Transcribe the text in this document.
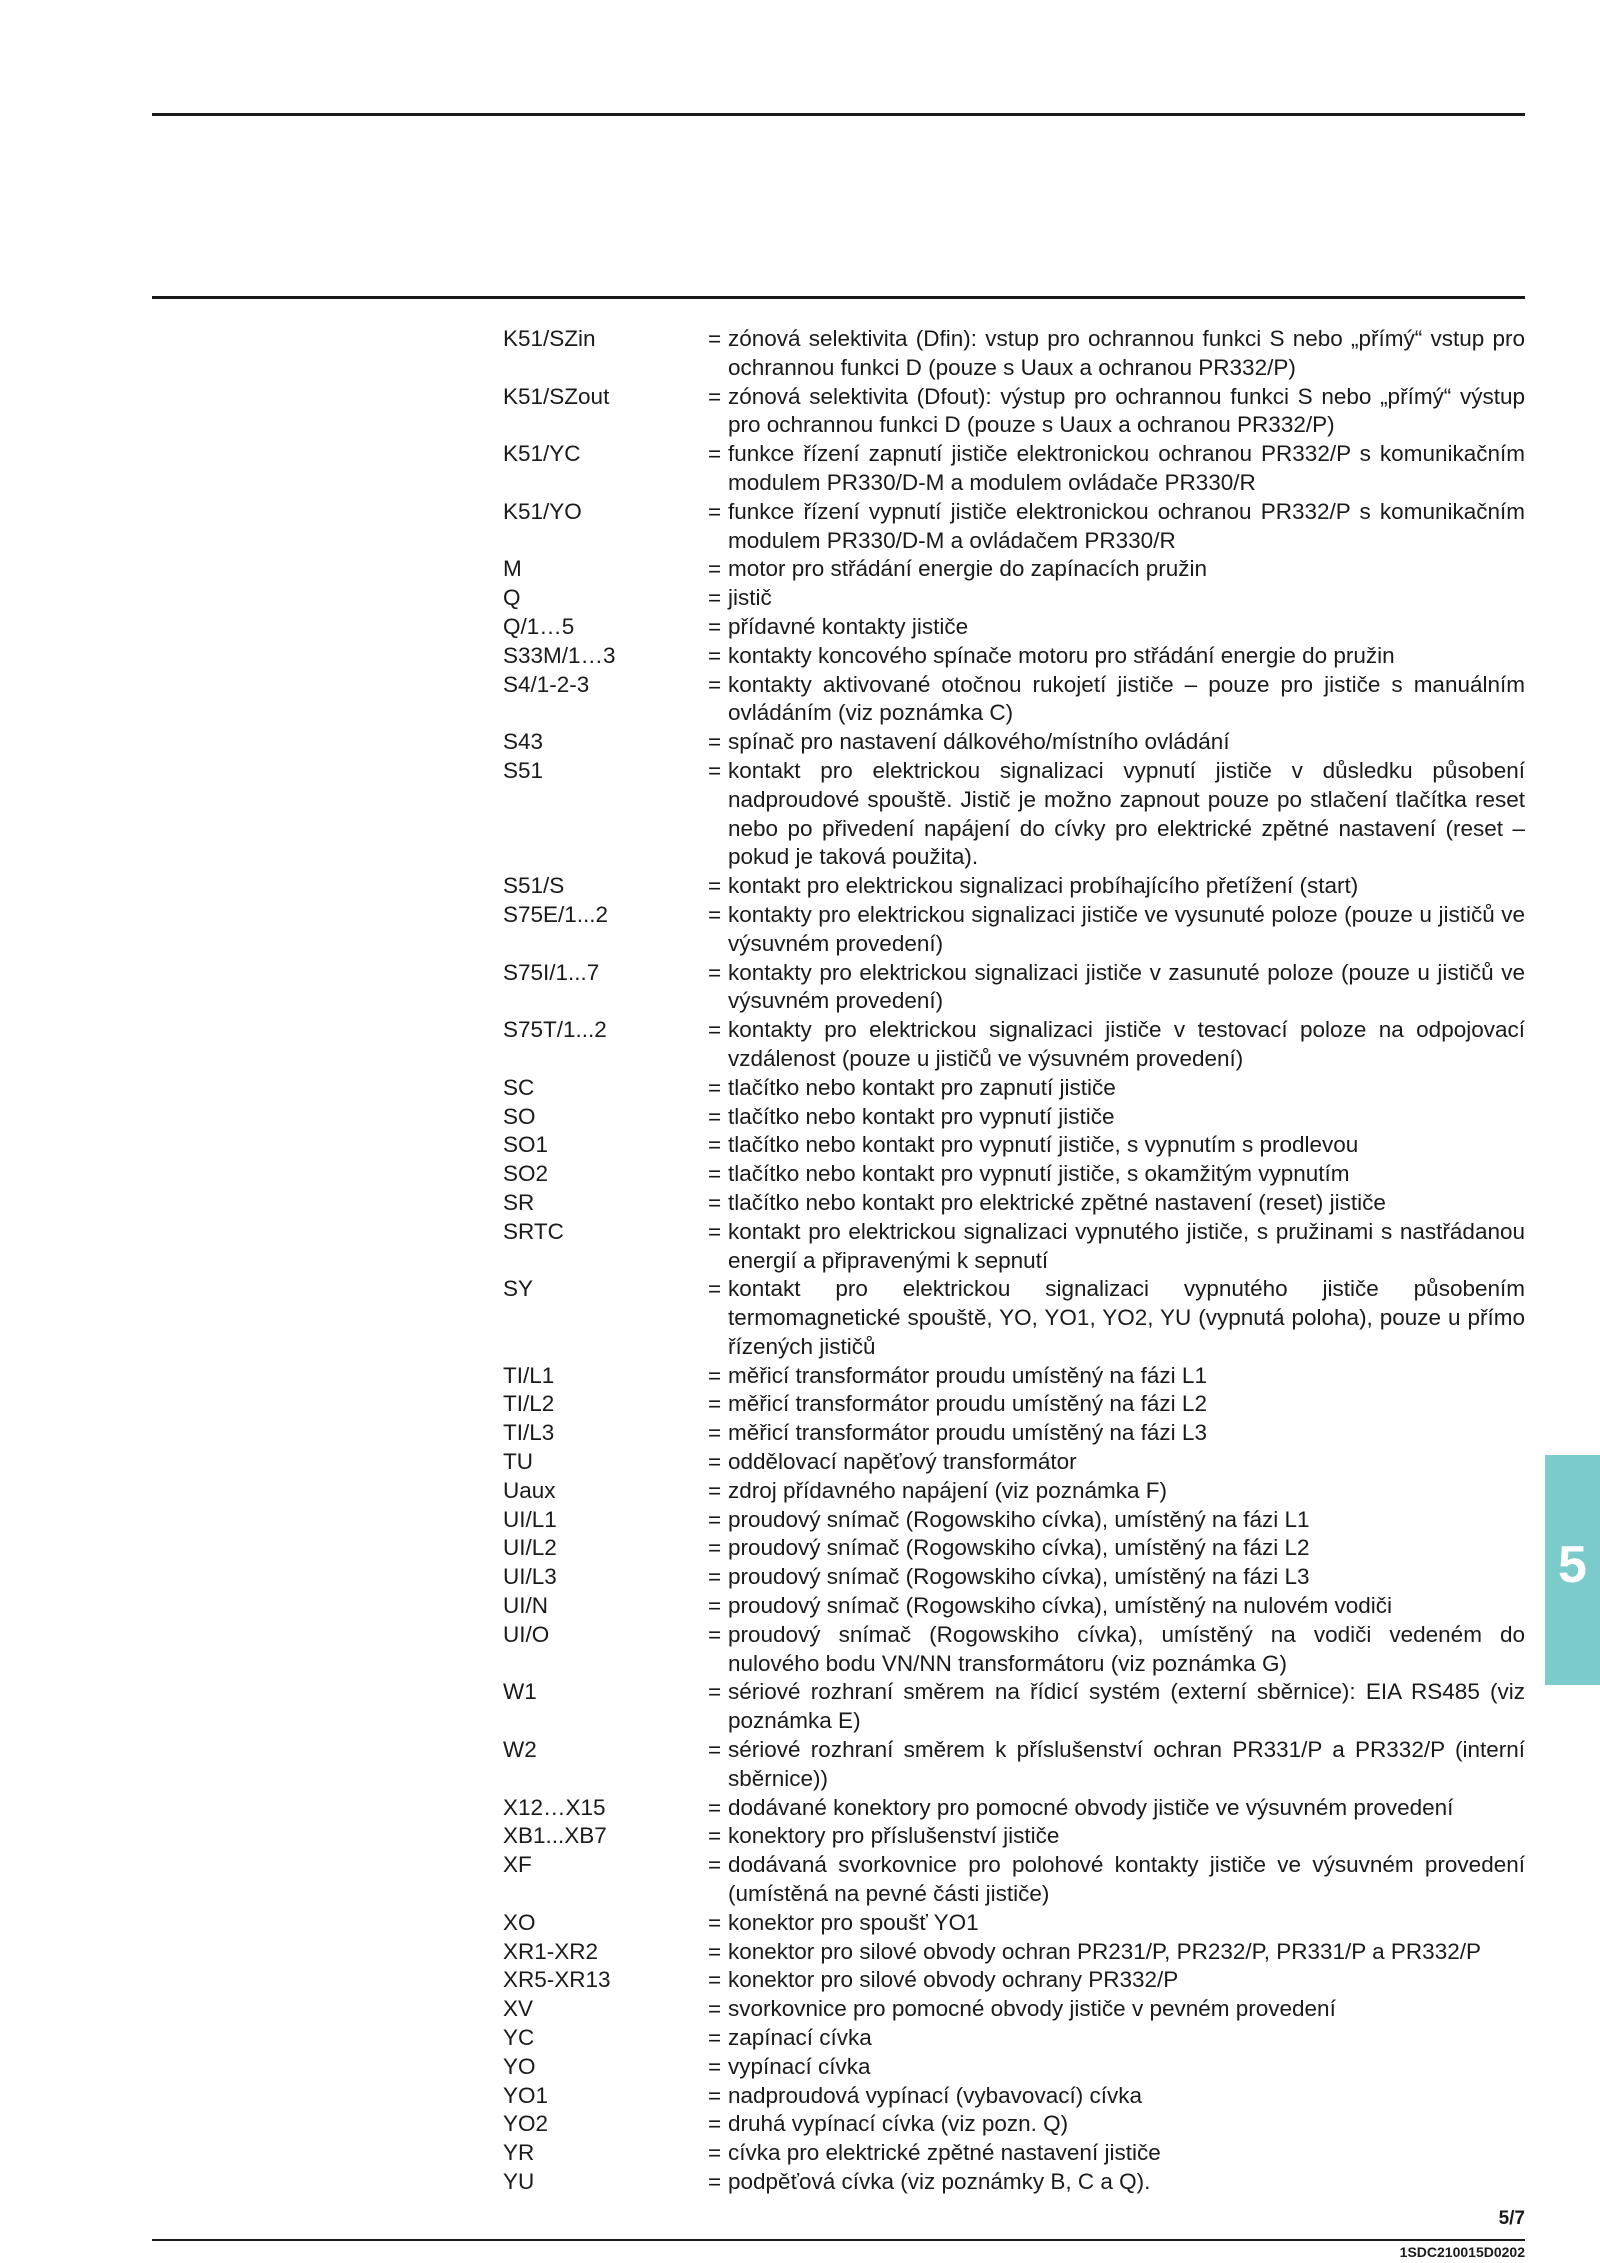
K51/SZin	= zónová selektivita (Dfin): vstup pro ochrannou funkci S nebo „přímý“ vstup pro ochrannou funkci D (pouze s Uaux a ochranou PR332/P)
K51/SZout	= zónová selektivita (Dfout): výstup pro ochrannou funkci S nebo „přímý“ výstup pro ochrannou funkci D (pouze s Uaux a ochranou PR332/P)
K51/YC	= funkce řízení zapnutí jističe elektronickou ochranou PR332/P s komunikačním modulem PR330/D-M a modulem ovládače PR330/R
K51/YO	= funkce řízení vypnutí jističe elektronickou ochranou PR332/P s komunikačním modulem PR330/D-M a ovládačem PR330/R
M	= motor pro střádání energie do zapínacích pružin
Q	= jistič
Q/1…5	= přídavné kontakty jističe
S33M/1…3	= kontakty koncového spínače motoru pro střádání energie do pružin
S4/1-2-3	= kontakty aktivované otočnou rukojetí jističe – pouze pro jističe s manuálním ovládáním (viz poznámka C)
S43	= spínač pro nastavení dálkového/místního ovládání
S51	= kontakt pro elektrickou signalizaci vypnutí jističe v důsledku působení nadproudové spouště. Jistič je možno zapnout pouze po stlačení tlačítka reset nebo po přivedení napájení do cívky pro elektrické zpětné nastavení (reset – pokud je taková použita).
S51/S	= kontakt pro elektrickou signalizaci probíhajícího přetížení (start)
S75E/1...2	= kontakty pro elektrickou signalizaci jističe ve vysunuté poloze (pouze u jističů ve výsuvném provedení)
S75I/1...7	= kontakty pro elektrickou signalizaci jističe v zasunuté poloze (pouze u jističů ve výsuvném provedení)
S75T/1...2	= kontakty pro elektrickou signalizaci jističe v testovací poloze na odpojovací vzdálenost (pouze u jističů ve výsuvném provedení)
SC	= tlačítko nebo kontakt pro zapnutí jističe
SO	= tlačítko nebo kontakt pro vypnutí jističe
SO1	= tlačítko nebo kontakt pro vypnutí jističe, s vypnutím s prodlevou
SO2	= tlačítko nebo kontakt pro vypnutí jističe, s okamžitým vypnutím
SR	= tlačítko nebo kontakt pro elektrické zpětné nastavení (reset) jističe
SRTC	= kontakt pro elektrickou signalizaci vypnutého jističe, s pružinami s nastřádanou energií a připravenými k sepnutí
SY	= kontakt pro elektrickou signalizaci vypnutého jističe působením termomagnetické spouště, YO, YO1, YO2, YU (vypnutá poloha), pouze u přímo řízených jističů
TI/L1	= měřicí transformátor proudu umístěný na fázi L1
TI/L2	= měřicí transformátor proudu umístěný na fázi L2
TI/L3	= měřicí transformátor proudu umístěný na fázi L3
TU	= oddělovací napěťový transformátor
Uaux	= zdroj přídavného napájení (viz poznámka F)
UI/L1	= proudový snímač (Rogowskiho cívka), umístěný na fázi L1
UI/L2	= proudový snímač (Rogowskiho cívka), umístěný na fázi L2
UI/L3	= proudový snímač (Rogowskiho cívka), umístěný na fázi L3
UI/N	= proudový snímač (Rogowskiho cívka), umístěný na nulovém vodiči
UI/O	= proudový snímač (Rogowskiho cívka), umístěný na vodiči vedeném do nulového bodu VN/NN transformátoru (viz poznámka G)
W1	= sériové rozhraní směrem na řídicí systém (externí sběrnice): EIA RS485 (viz poznámka E)
W2	= sériové rozhraní směrem k příslušenství ochran PR331/P a PR332/P (interní sběrnice))
X12…X15	= dodávané konektory pro pomocné obvody jističe ve výsuvném provedení
XB1...XB7	= konektory pro příslušenství jističe
XF	= dodávaná svorkovnice pro polohové kontakty jističe ve výsuvném provedení (umístěná na pevné části jističe)
XO	= konektor pro spoušť YO1
XR1-XR2	= konektor pro silové obvody ochran PR231/P, PR232/P, PR331/P a PR332/P
XR5-XR13	= konektor pro silové obvody ochrany PR332/P
XV	= svorkovnice pro pomocné obvody jističe v pevném provedení
YC	= zapínací cívka
YO	= vypínací cívka
YO1	= nadproudová vypínací (vybavovací) cívka
YO2	= druhá vypínací cívka (viz pozn. Q)
YR	= cívka pro elektrické zpětné nastavení jističe
YU	= podpěťová cívka (viz poznámky B, C a Q).
5
5/7
1SDC210015D0202
